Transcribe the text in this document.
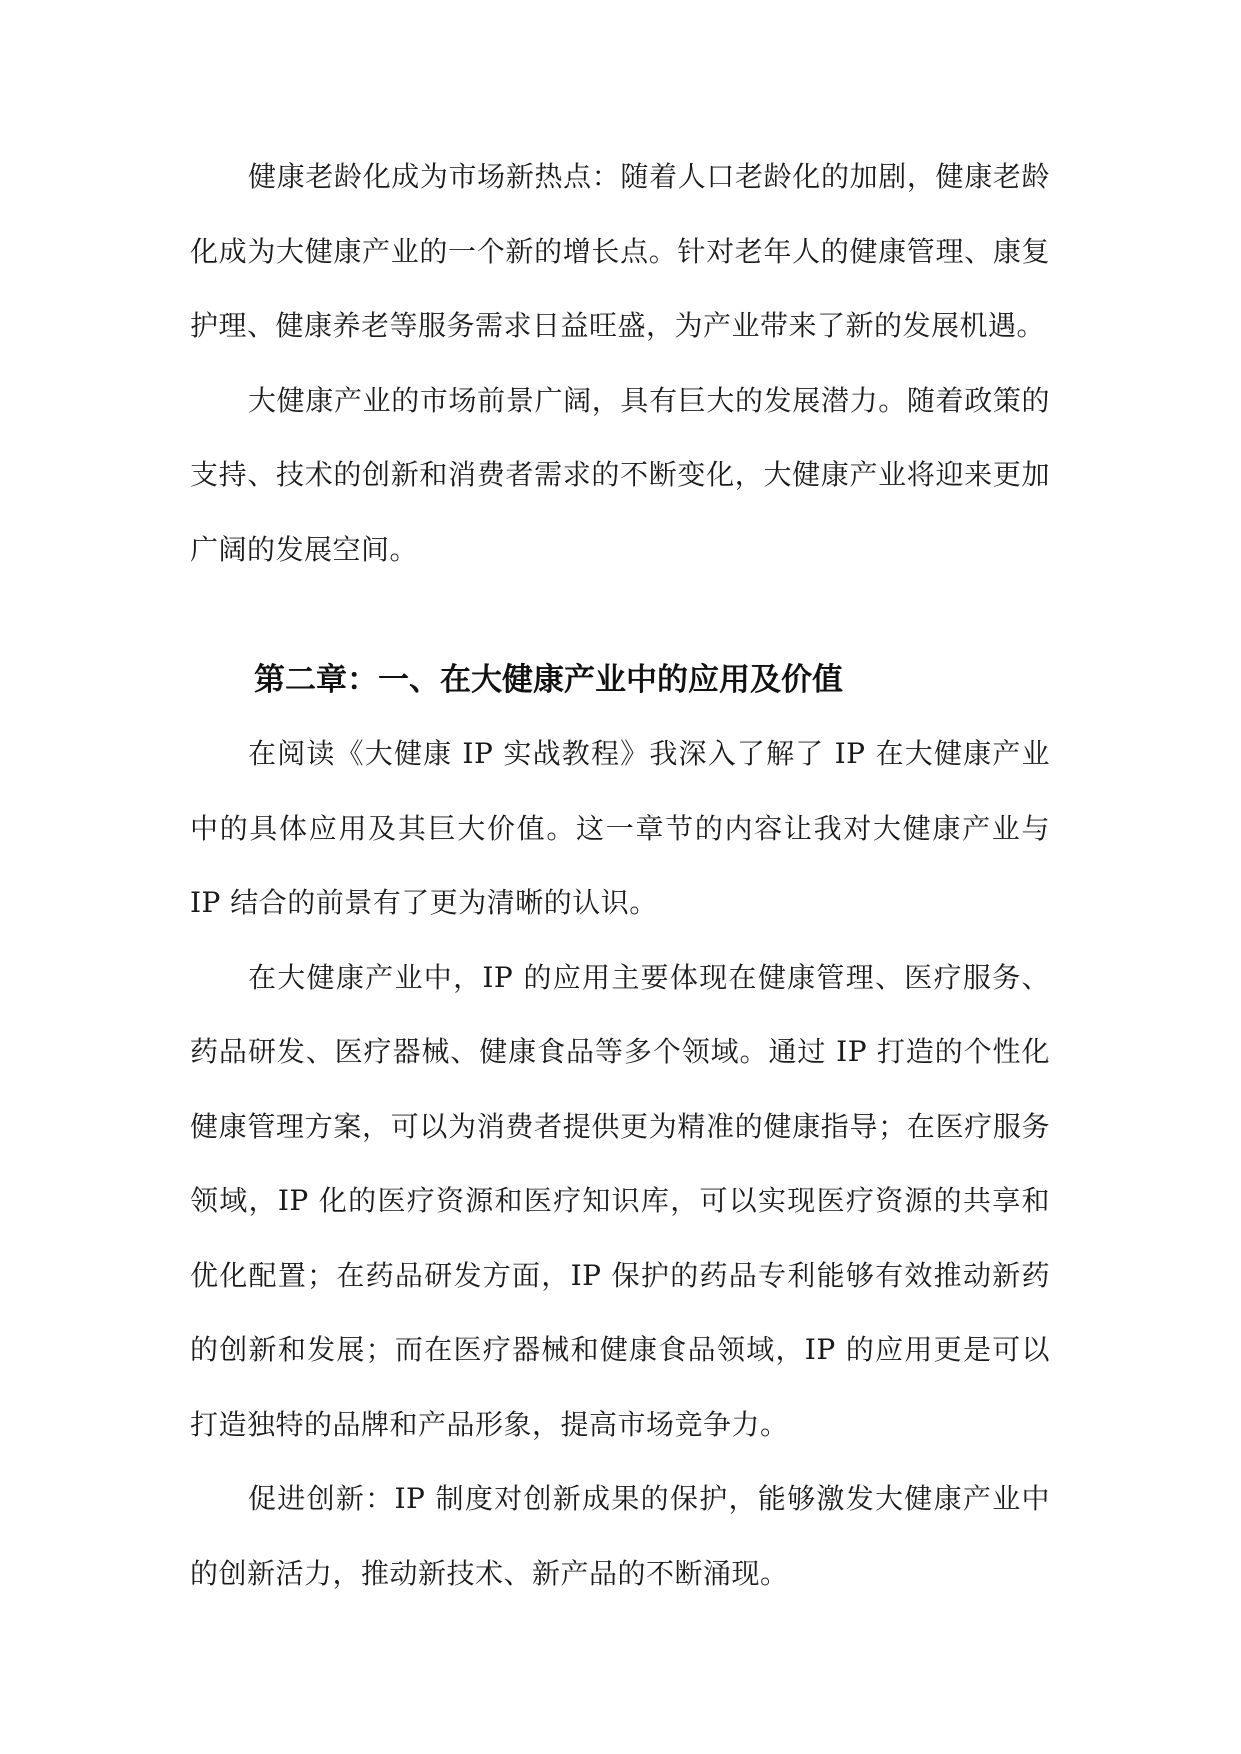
健康老龄化成为市场新热点：随着人口老龄化的加剧，健康老龄化成为大健康产业的一个新的增长点。针对老年人的健康管理、康复护理、健康养老等服务需求日益旺盛，为产业带来了新的发展机遇。

大健康产业的市场前景广阔，具有巨大的发展潜力。随着政策的支持、技术的创新和消费者需求的不断变化，大健康产业将迎来更加广阔的发展空间。

第二章：一、在大健康产业中的应用及价值

在阅读《大健康 IP 实战教程》我深入了解了 IP 在大健康产业中的具体应用及其巨大价值。这一章节的内容让我对大健康产业与 IP 结合的前景有了更为清晰的认识。

在大健康产业中，IP 的应用主要体现在健康管理、医疗服务、药品研发、医疗器械、健康食品等多个领域。通过 IP 打造的个性化健康管理方案，可以为消费者提供更为精准的健康指导；在医疗服务领域，IP 化的医疗资源和医疗知识库，可以实现医疗资源的共享和优化配置；在药品研发方面，IP 保护的药品专利能够有效推动新药的创新和发展；而在医疗器械和健康食品领域，IP 的应用更是可以打造独特的品牌和产品形象，提高市场竞争力。

促进创新：IP 制度对创新成果的保护，能够激发大健康产业中的创新活力，推动新技术、新产品的不断涌现。
